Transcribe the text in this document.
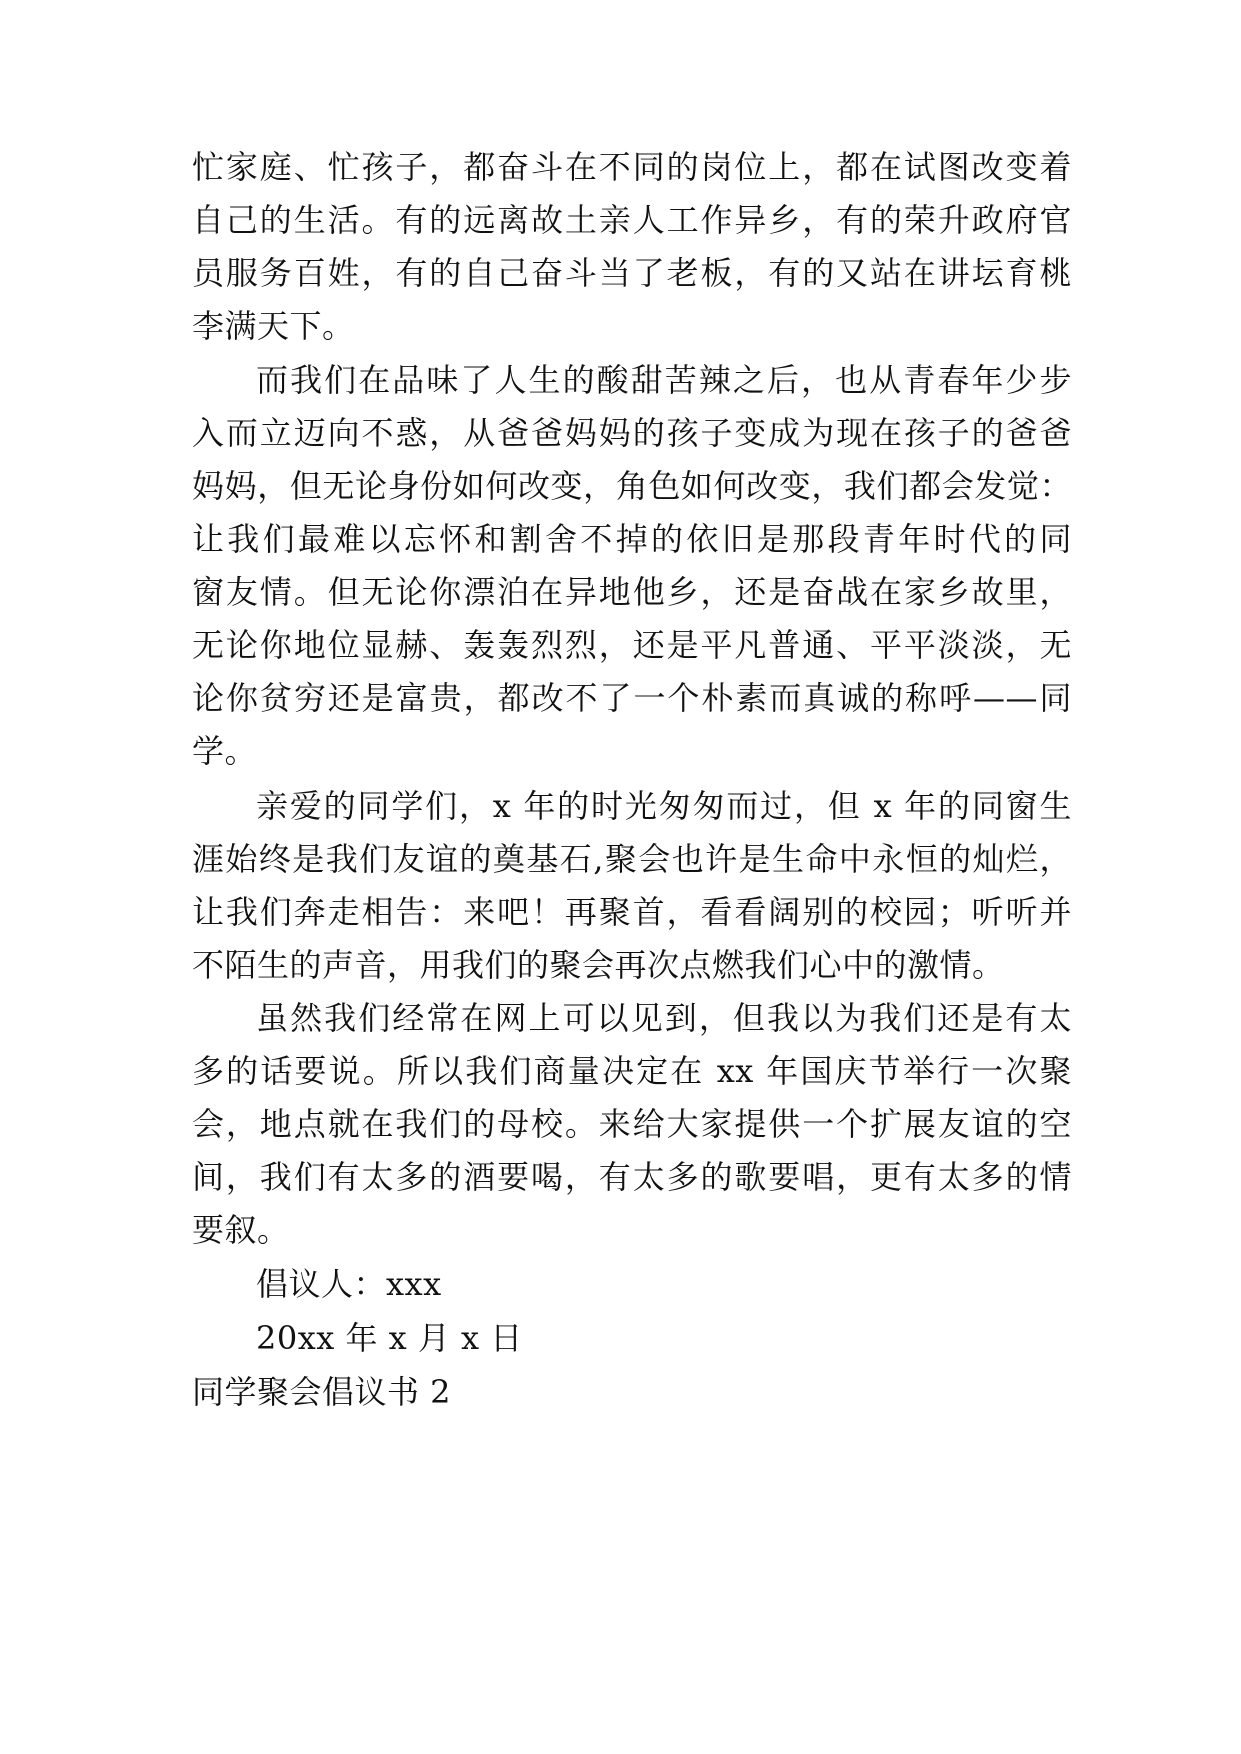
忙家庭、忙孩子，都奋斗在不同的岗位上，都在试图改变着
自己的生活。有的远离故土亲人工作异乡，有的荣升政府官
员服务百姓，有的自己奋斗当了老板，有的又站在讲坛育桃
李满天下。
而我们在品味了人生的酸甜苦辣之后，也从青春年少步
入而立迈向不惑，从爸爸妈妈的孩子变成为现在孩子的爸爸
妈妈，但无论身份如何改变，角色如何改变，我们都会发觉：
让我们最难以忘怀和割舍不掉的依旧是那段青年时代的同
窗友情。但无论你漂泊在异地他乡，还是奋战在家乡故里，
无论你地位显赫、轰轰烈烈，还是平凡普通、平平淡淡，无
论你贫穷还是富贵，都改不了一个朴素而真诚的称呼——同
学。
亲爱的同学们，x 年的时光匆匆而过，但 x 年的同窗生
涯始终是我们友谊的奠基石,聚会也许是生命中永恒的灿烂，
让我们奔走相告：来吧！再聚首，看看阔别的校园；听听并
不陌生的声音，用我们的聚会再次点燃我们心中的激情。
虽然我们经常在网上可以见到，但我以为我们还是有太
多的话要说。所以我们商量决定在 xx 年国庆节举行一次聚
会，地点就在我们的母校。来给大家提供一个扩展友谊的空
间，我们有太多的酒要喝，有太多的歌要唱，更有太多的情
要叙。
倡议人：xxx
20xx 年 x 月 x 日
同学聚会倡议书 2
